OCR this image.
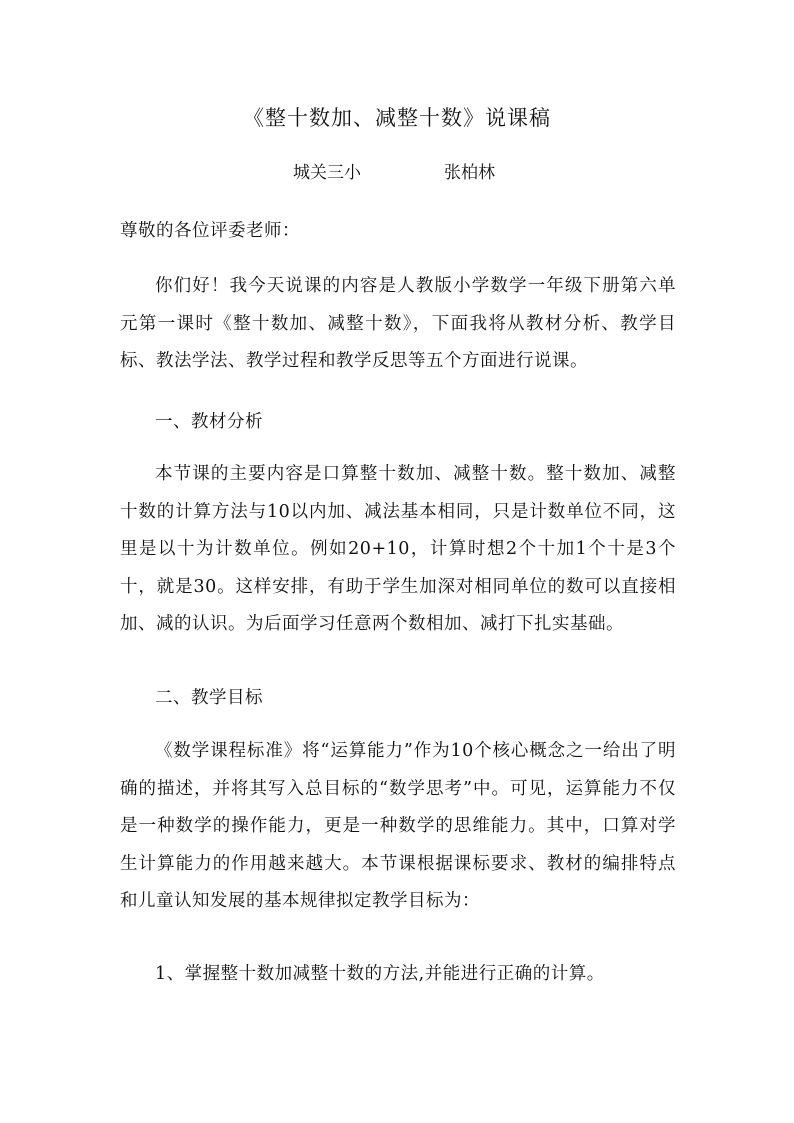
《整十数加、减整十数》说课稿
城关三小	张柏林

尊敬的各位评委老师：

你们好！我今天说课的内容是人教版小学数学一年级下册第六单元第一课时《整十数加、减整十数》，下面我将从教材分析、教学目标、教法学法、教学过程和教学反思等五个方面进行说课。

一、教材分析

本节课的主要内容是口算整十数加、减整十数。整十数加、减整十数的计算方法与10以内加、减法基本相同，只是计数单位不同，这里是以十为计数单位。例如20+10，计算时想2个十加1个十是3个十，就是30。这样安排，有助于学生加深对相同单位的数可以直接相加、减的认识。为后面学习任意两个数相加、减打下扎实基础。

二、教学目标

《数学课程标准》将“运算能力”作为10个核心概念之一给出了明确的描述，并将其写入总目标的“数学思考”中。可见，运算能力不仅是一种数学的操作能力，更是一种数学的思维能力。其中，口算对学生计算能力的作用越来越大。本节课根据课标要求、教材的编排特点和儿童认知发展的基本规律拟定教学目标为：

1、掌握整十数加减整十数的方法,并能进行正确的计算。
